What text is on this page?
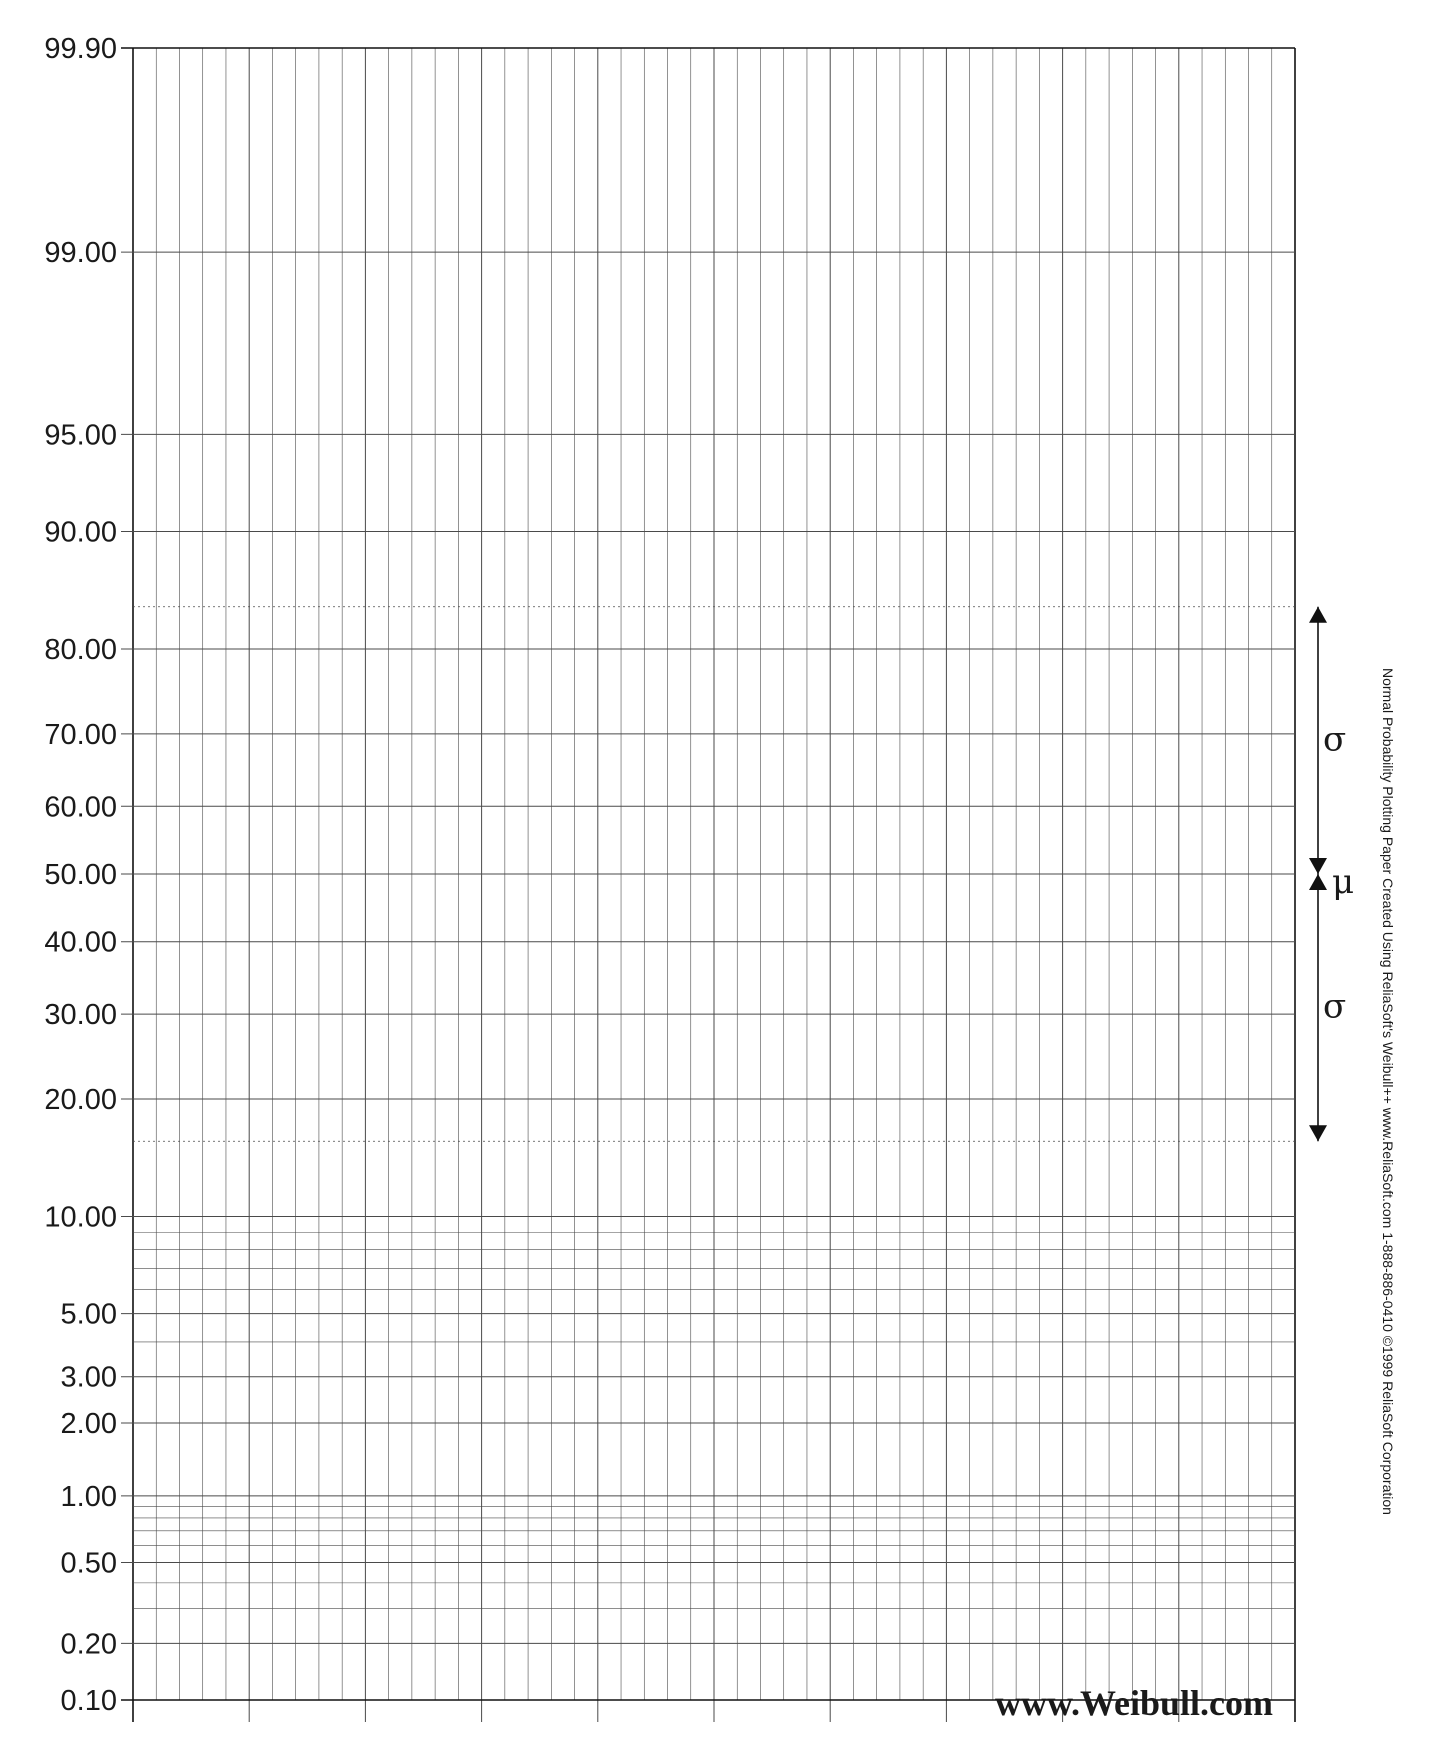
σ
μ
σ
99.90
99.00
95.00
90.00
80.00
70.00
60.00
50.00
40.00
30.00
20.00
10.00
5.00
3.00
2.00
1.00
0.50
0.20
0.10
Normal Probability Plotting Paper Created Using ReliaSoft's Weibull++ www.ReliaSoft.com 1-888-886-0410 ©1999 ReliaSoft Corporation
www.Weibull.com
